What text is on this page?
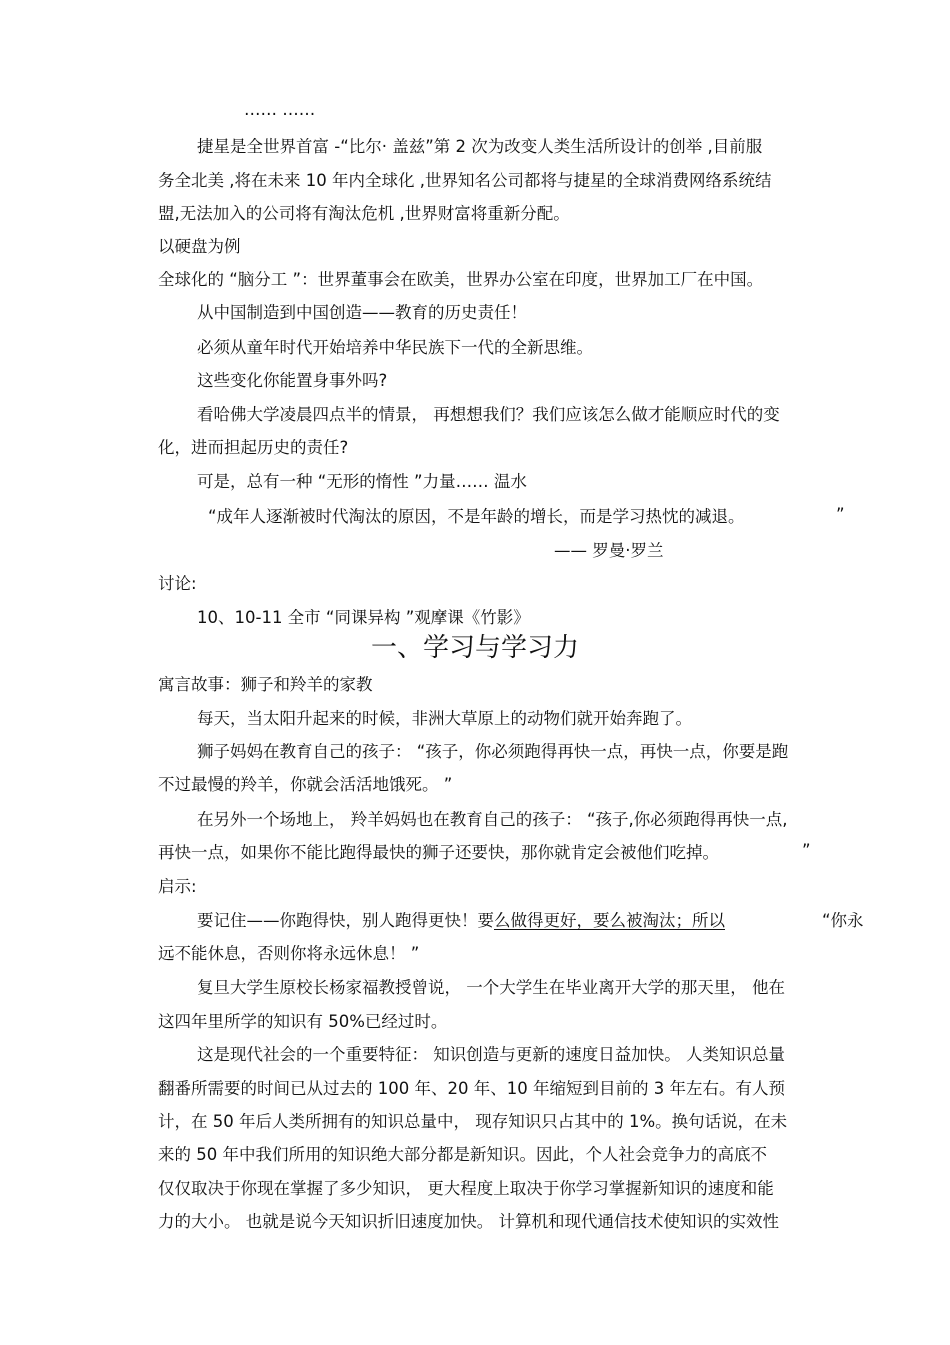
…… ……
捷星是全世界首富 -“比尔· 盖兹”第 2 次为改变人类生活所设计的创举 ,目前服
务全北美 ,将在未来 10 年内全球化 ,世界知名公司都将与捷星的全球消费网络系统结
盟,无法加入的公司将有淘汰危机 ,世界财富将重新分配。
以硬盘为例
全球化的 “脑分工 ”：世界董事会在欧美，世界办公室在印度，世界加工厂在中国。
从中国制造到中国创造——教育的历史责任！
必须从童年时代开始培养中华民族下一代的全新思维。
这些变化你能置身事外吗?
看哈佛大学凌晨四点半的情景， 再想想我们？我们应该怎么做才能顺应时代的变
化，进而担起历史的责任?
可是，总有一种 “无形的惰性 ”力量…… 温水
“成年人逐渐被时代淘汰的原因，不是年龄的增长，而是学习热忱的减退。	”
—— 罗曼·罗兰
讨论:
10、10-11 全市 “同课异构 ”观摩课《竹影》
一、学习与学习力
寓言故事：狮子和羚羊的家教
每天，当太阳升起来的时候，非洲大草原上的动物们就开始奔跑了。
狮子妈妈在教育自己的孩子： “孩子，你必须跑得再快一点，再快一点，你要是跑
不过最慢的羚羊，你就会活活地饿死。 ”
在另外一个场地上， 羚羊妈妈也在教育自己的孩子： “孩子,你必须跑得再快一点,
再快一点，如果你不能比跑得最快的狮子还要快，那你就肯定会被他们吃掉。	”
启示:
要记住——你跑得快，别人跑得更快！要么做得更好，要么被淘汰；所以	“你永
远不能休息，否则你将永远休息！ ”
复旦大学生原校长杨家福教授曾说， 一个大学生在毕业离开大学的那天里， 他在
这四年里所学的知识有 50%已经过时。
这是现代社会的一个重要特征： 知识创造与更新的速度日益加快。 人类知识总量
翻番所需要的时间已从过去的 100 年、20 年、10 年缩短到目前的 3 年左右。有人预
计，在 50 年后人类所拥有的知识总量中， 现存知识只占其中的 1%。换句话说，在未
来的 50 年中我们所用的知识绝大部分都是新知识。因此，个人社会竞争力的高底不
仅仅取决于你现在掌握了多少知识， 更大程度上取决于你学习掌握新知识的速度和能
力的大小。 也就是说今天知识折旧速度加快。 计算机和现代通信技术使知识的实效性
